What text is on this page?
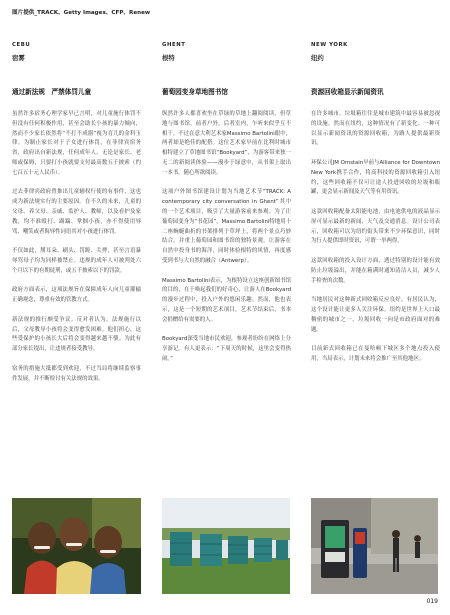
图片提供_TRACK、Getty Images、CFP、Renew
CEBU
宿雾
通过新法规　严禁体罚儿童

虽然许多宿务心理学家早已言明，对儿童施行体罚不但没有任何积极作用，甚至会助长小孩的暴力倾向，然而不少家长依然将“不打不成器”视为育儿的金科玉律。为制止家长对于子女进行体罚，在菲律宾宿务省，政府出台新法规，任何成年人，无论是家长、老师或保姆，只要打小孩就要支付最高数五千披索（约七百五十元人民币）。

过去菲律宾政府曾推出儿童辅权行使的有事件，这也成为新法规实行的主要原因。在不久的未来，儿童的父母、养父母、亲戚、监护人、教师，以及看护及家教，均不准殴打、踢踹、掌掴小孩，亦不得使用辱骂、嘲笑或者侮辱性词语其对小孩进行体罚。

不仅如此，掰耳朵、刷头、罚跪、关押，甚至言语暴辱骂母子均为同样被禁止。违规的成年人可被判处六个月以下的有期徒刑，或五千披索以下的罚款。

政府方面表示，这项法规旨在保障成年人向儿童灌输正确观念，尊重有效的管教方式。

新法规的推行颇受争议。反对者认为，法规施行以后，父母教导小孩将会变得愈发困难。他们担心，这些受保护的小孩长大后将会变得越来越不驯。为此有部分家长提出，让违规者接受教导。

宿务的措施大抵都受到欢迎，不过当局将继续监察事件发展，并不断检讨有关法规的效果。

GHENT
根特
葡萄园变身草地图书馆

纵然许多人都喜欢坐在草绿的草地上翻阅阅读，但草地与图书馆，前者户外，后者室内，乍听来似乎互不相干。不过在意大利艺术家Massimo Bartolini眼中，两者却是绝佳的配搭。这位艺术家早前在比利时城市根特建立了草地图书馆“Bookyard”，为游客带来独一无二的新阅读体验——漫步于绿意中，从书架上取出一本书，随心所欲阅读。

这项户外图书馆建设计划为当地艺术节“TRACK: A contemporary city conversation in Ghent”其中的一个艺术项目，吸引了大量游客前来参观。为了让葡萄园变身为“书花园”，Massimo Bartolini特地用十二座蜿蜒曲折的书架排列于草坪上，将两个景点巧妙结合，并重上葡萄园和图书馆的独特景观，让游客在自然中投身书的海洋，同时体验根特的风情，再度感受到书与大自然的融合（Antwerp）。

Massimo Bartolini表示，为根特设立这座创新图书馆的目的，在于唤起我们的好奇心，让游人在Bookyard的漫步过程中，投入户外的悠闲乐趣。然而，他也表示，这是一个短期的艺术项目，艺术节结束后，书本会捐赠给有需要的人。

Bookyard深受当地市民欢迎，参观者纷纷在网络上分享游记。有人更表示：“下周天的时候，这里会变得热闹。”

NEW YORK
纽约
资源回收箱显示新闻资讯

在许多城市，垃圾箱往往是城市建筑中最容易被忽视的设施。然而在纽约，这种情况有了新变化。一种可以显示新闻资讯的资源回收箱，为路人提供最新资讯。

环保公司JM Omstain早前与Alliance for Downtown New York携手合作，将高科技的资源回收箱引入纽约，这些回收箱不仅可让途人投进回收的垃圾和瓶罐，更会显示新闻及天气等有用资讯。

这款回收箱配备太阳能电池，由电池供电的液晶显示屏可显示最新的新闻、天气及交通消息。设计公司表示，回收箱可以为纽约街头带来不少环保意识，同时为行人提供即时资讯，可谓一举两得。

这款回收箱的投入设计方面，透过特别的设计能有效防止垃圾溢出，并能在箱满时通知清洁人员，减少人手检查的次数。

当地居民对这种新式回收箱反应良好。有居民认为，这个设计能让更多人关注环保。纽约是世界上人口最稠密的城市之一，垃圾回收一向是市政府面对的难题。

目前新式回收箱已在曼哈顿下城区多个地点投入使用，当局表示，计划未来将会推广至其他地区。

019
